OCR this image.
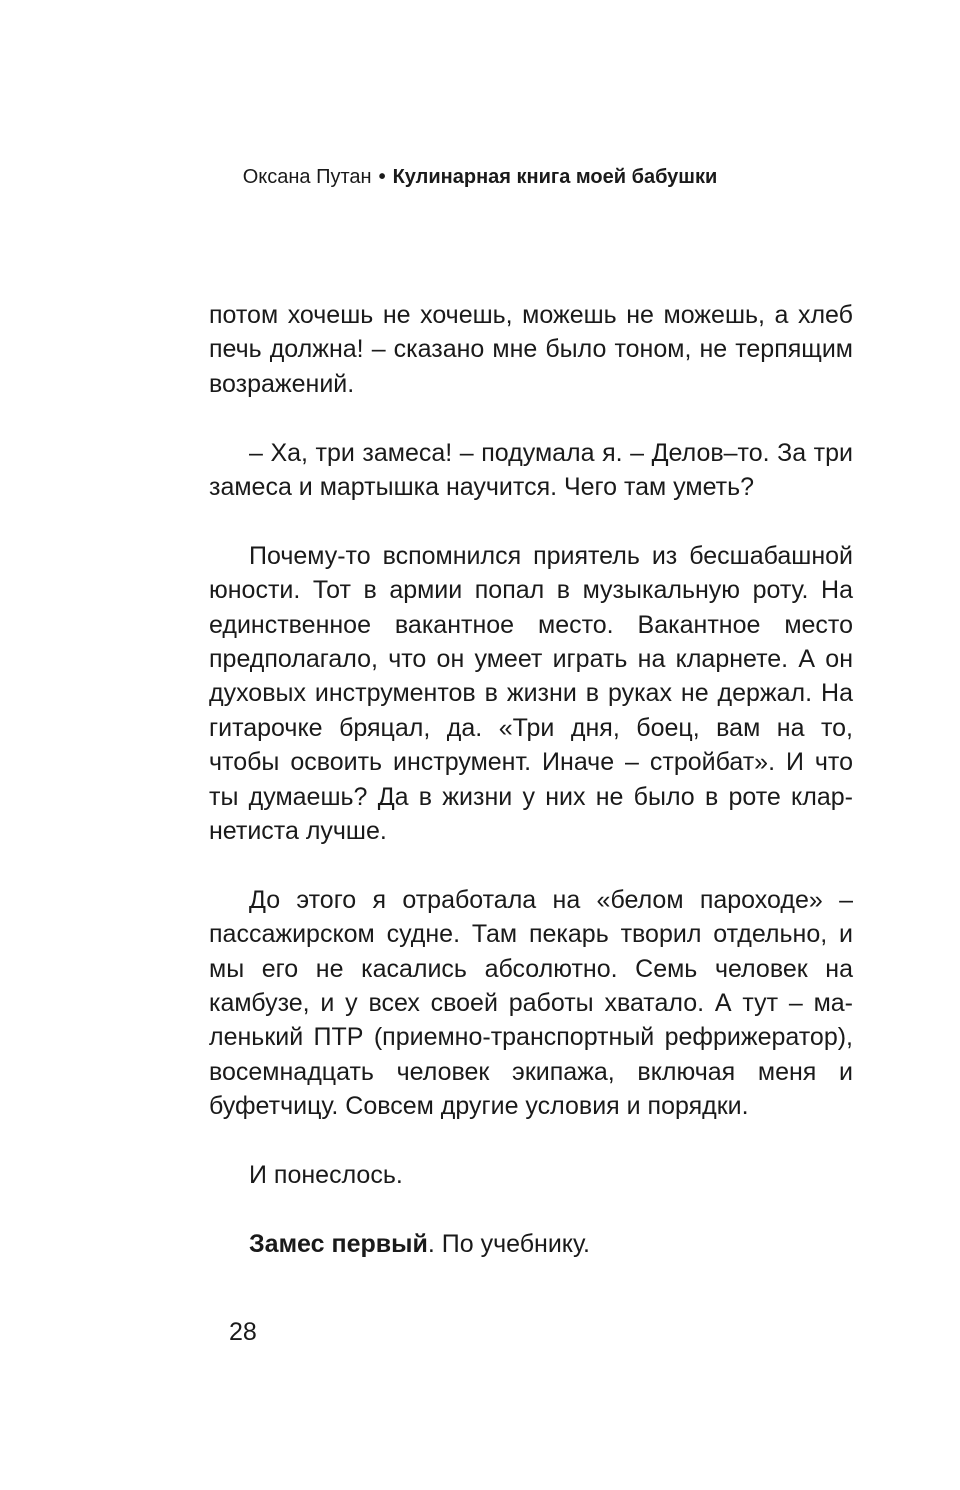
Оксана Путан • Кулинарная книга моей бабушки

потом хочешь не хочешь, можешь не можешь, а хлеб печь должна! – сказано мне было тоном, не терпящим возражений.

– Ха, три замеса! – подумала я. – Делов–то. За три замеса и мартышка научится. Чего там уметь?

Почему-то вспомнился приятель из бесшабашной юности. Тот в армии попал в музыкальную роту. На единственное вакантное место. Вакантное место предполагало, что он умеет играть на кларнете. А он духовых инструментов в жизни в руках не держал. На гитарочке бряцал, да. «Три дня, боец, вам на то, чтобы освоить инструмент. Иначе – стройбат». И что ты думаешь? Да в жизни у них не было в роте кларнетиста лучше.

До этого я отработала на «белом пароходе» – пассажирском судне. Там пекарь творил отдельно, и мы его не касались абсолютно. Семь человек на камбузе, и у всех своей работы хватало. А тут – маленький ПТР (приемно-транспортный рефрижератор), восемнадцать человек экипажа, включая меня и буфетчицу. Совсем другие условия и порядки.

И понеслось.

Замес первый. По учебнику.

28
